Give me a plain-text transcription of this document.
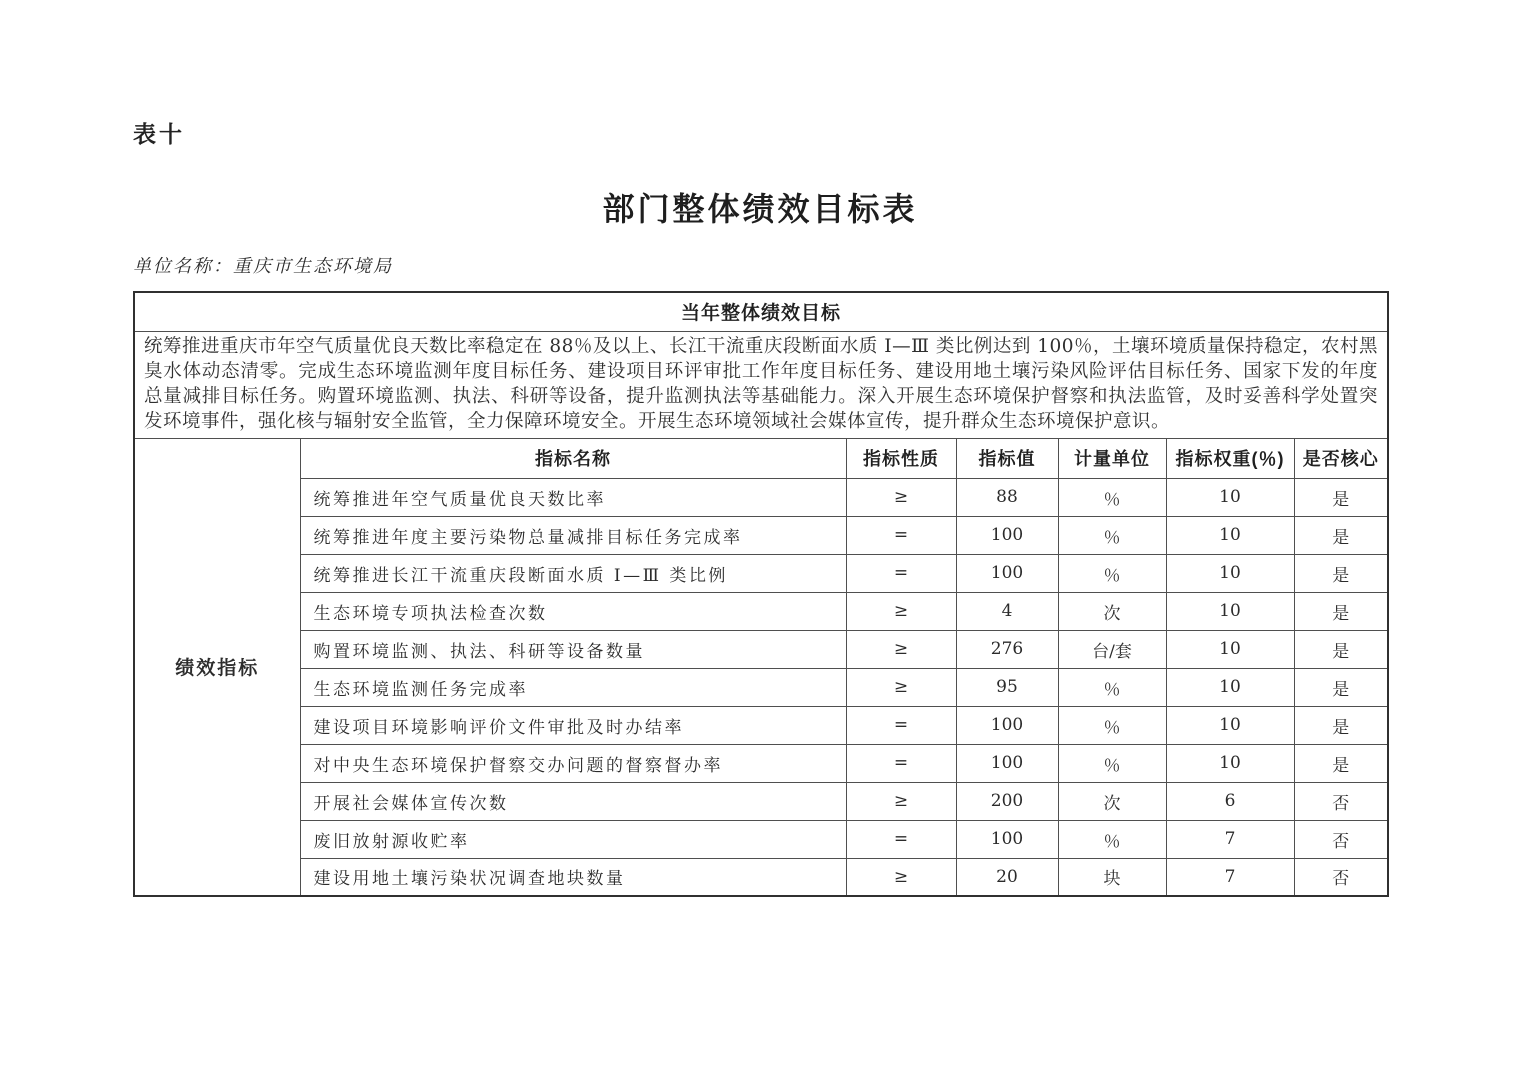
表十
部门整体绩效目标表
单位名称：重庆市生态环境局
当年整体绩效目标						
统筹推进重庆市年空气质量优良天数比率稳定在 88％及以上、长江干流重庆段断面水质 I—Ⅲ 类比例达到 100％，土壤环境质量保持稳定，农村黑臭水体动态清零。完成生态环境监测年度目标任务、建设项目环评审批工作年度目标任务、建设用地土壤污染风险评估目标任务、国家下发的年度总量减排目标任务。购置环境监测、执法、科研等设备，提升监测执法等基础能力。深入开展生态环境保护督察和执法监管，及时妥善科学处置突发环境事件，强化核与辐射安全监管，全力保障环境安全。开展生态环境领域社会媒体宣传，提升群众生态环境保护意识。						
绩效指标	指标名称	指标性质	指标值	计量单位	指标权重(％)	是否核心
	统筹推进年空气质量优良天数比率	≥	88	％	10	是
	统筹推进年度主要污染物总量减排目标任务完成率	=	100	％	10	是
	统筹推进长江干流重庆段断面水质 I—Ⅲ 类比例	=	100	％	10	是
	生态环境专项执法检查次数	≥	4	次	10	是
	购置环境监测、执法、科研等设备数量	≥	276	台/套	10	是
	生态环境监测任务完成率	≥	95	％	10	是
	建设项目环境影响评价文件审批及时办结率	=	100	％	10	是
	对中央生态环境保护督察交办问题的督察督办率	=	100	％	10	是
	开展社会媒体宣传次数	≥	200	次	6	否
	废旧放射源收贮率	=	100	％	7	否
	建设用地土壤污染状况调查地块数量	≥	20	块	7	否
